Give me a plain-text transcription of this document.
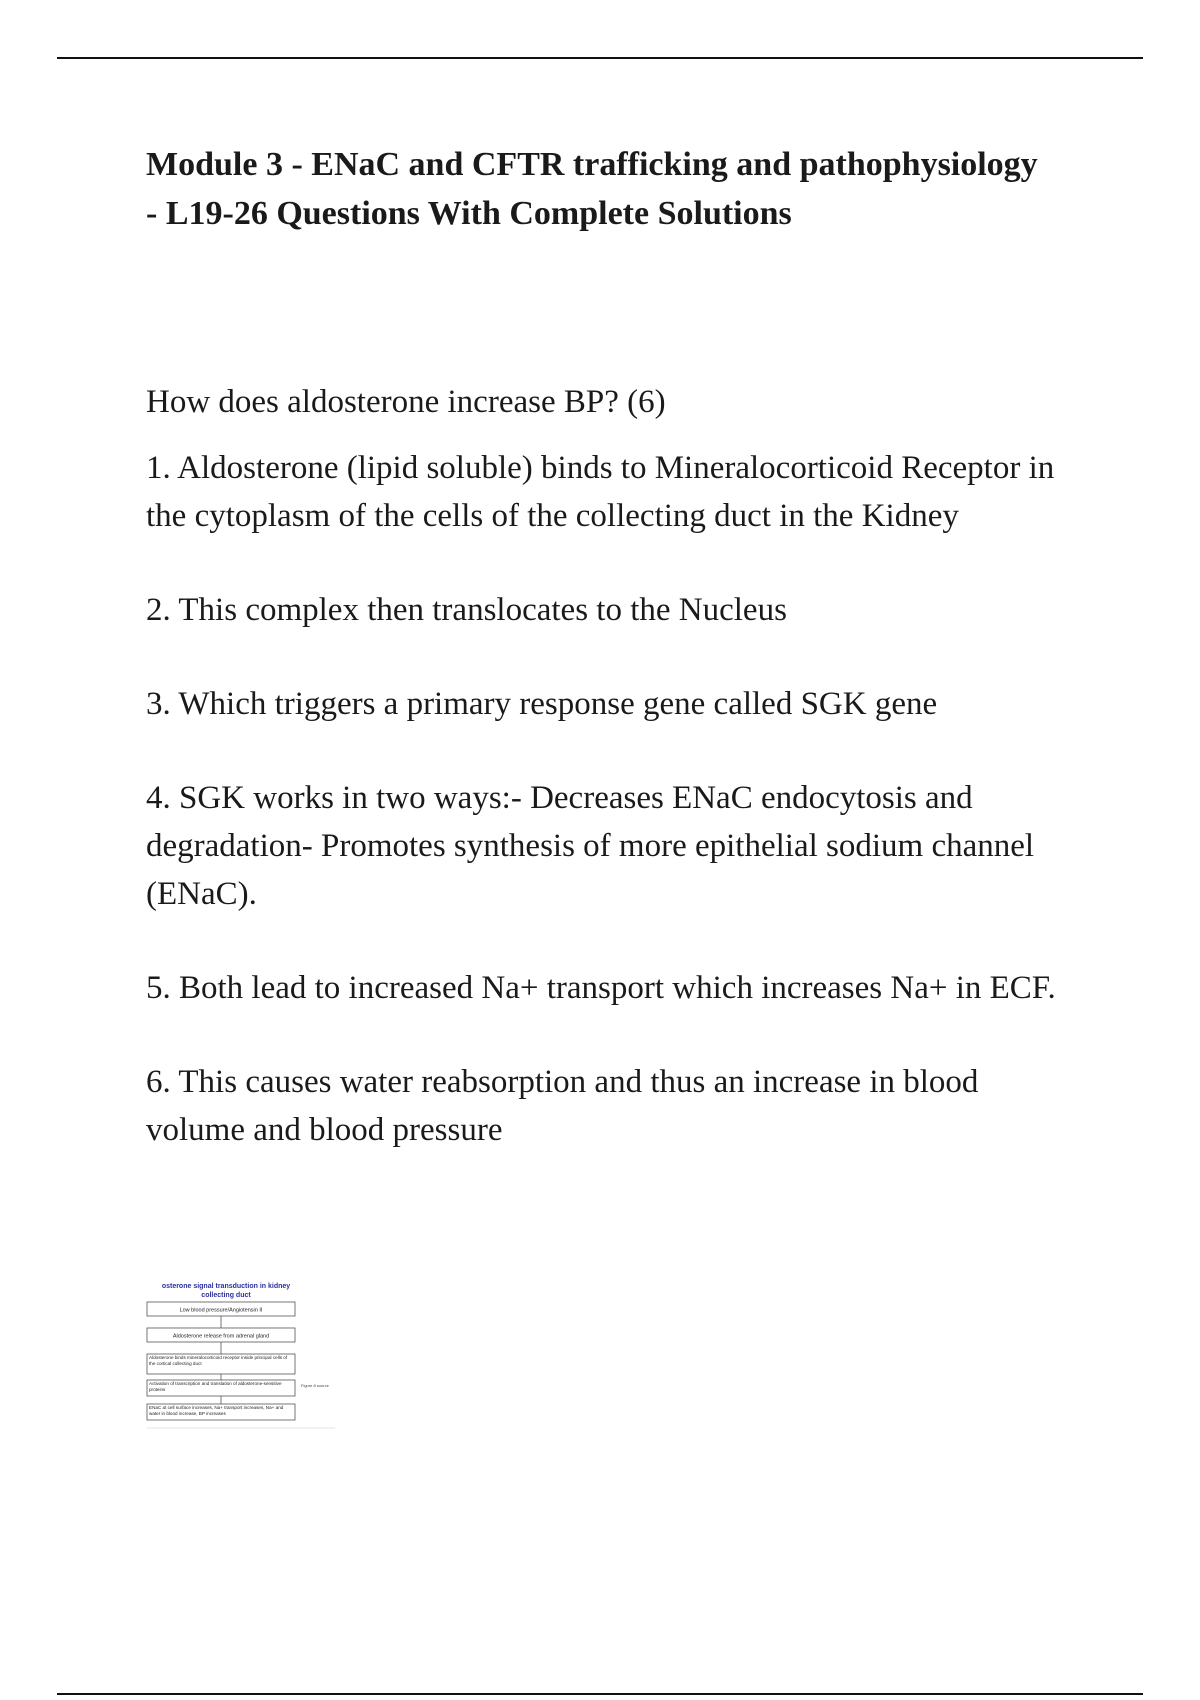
Module 3 - ENaC and CFTR trafficking and pathophysiology - L19-26 Questions With Complete Solutions

How does aldosterone increase BP? (6)

1. Aldosterone (lipid soluble) binds to Mineralocorticoid Receptor in the cytoplasm of the cells of the collecting duct in the Kidney

2. This complex then translocates to the Nucleus

3. Which triggers a primary response gene called SGK gene

4. SGK works in two ways:- Decreases ENaC endocytosis and degradation- Promotes synthesis of more epithelial sodium channel (ENaC).

5. Both lead to increased Na+ transport which increases Na+ in ECF.

6. This causes water reabsorption and thus an increase in blood volume and blood pressure

osterone signal transduction in kidney
collecting duct
Low blood pressure/Angiotensin II
Aldosterone release from adrenal gland
Aldosterone binds mineralocorticoid receptor inside principal cells of the cortical collecting duct
Activation of transcription and translation of aldosterone-sensitive proteins
ENaC at cell surface increases, Na+ transport increases, Na+ and water in blood increase, BP increases
Figure 8 source
